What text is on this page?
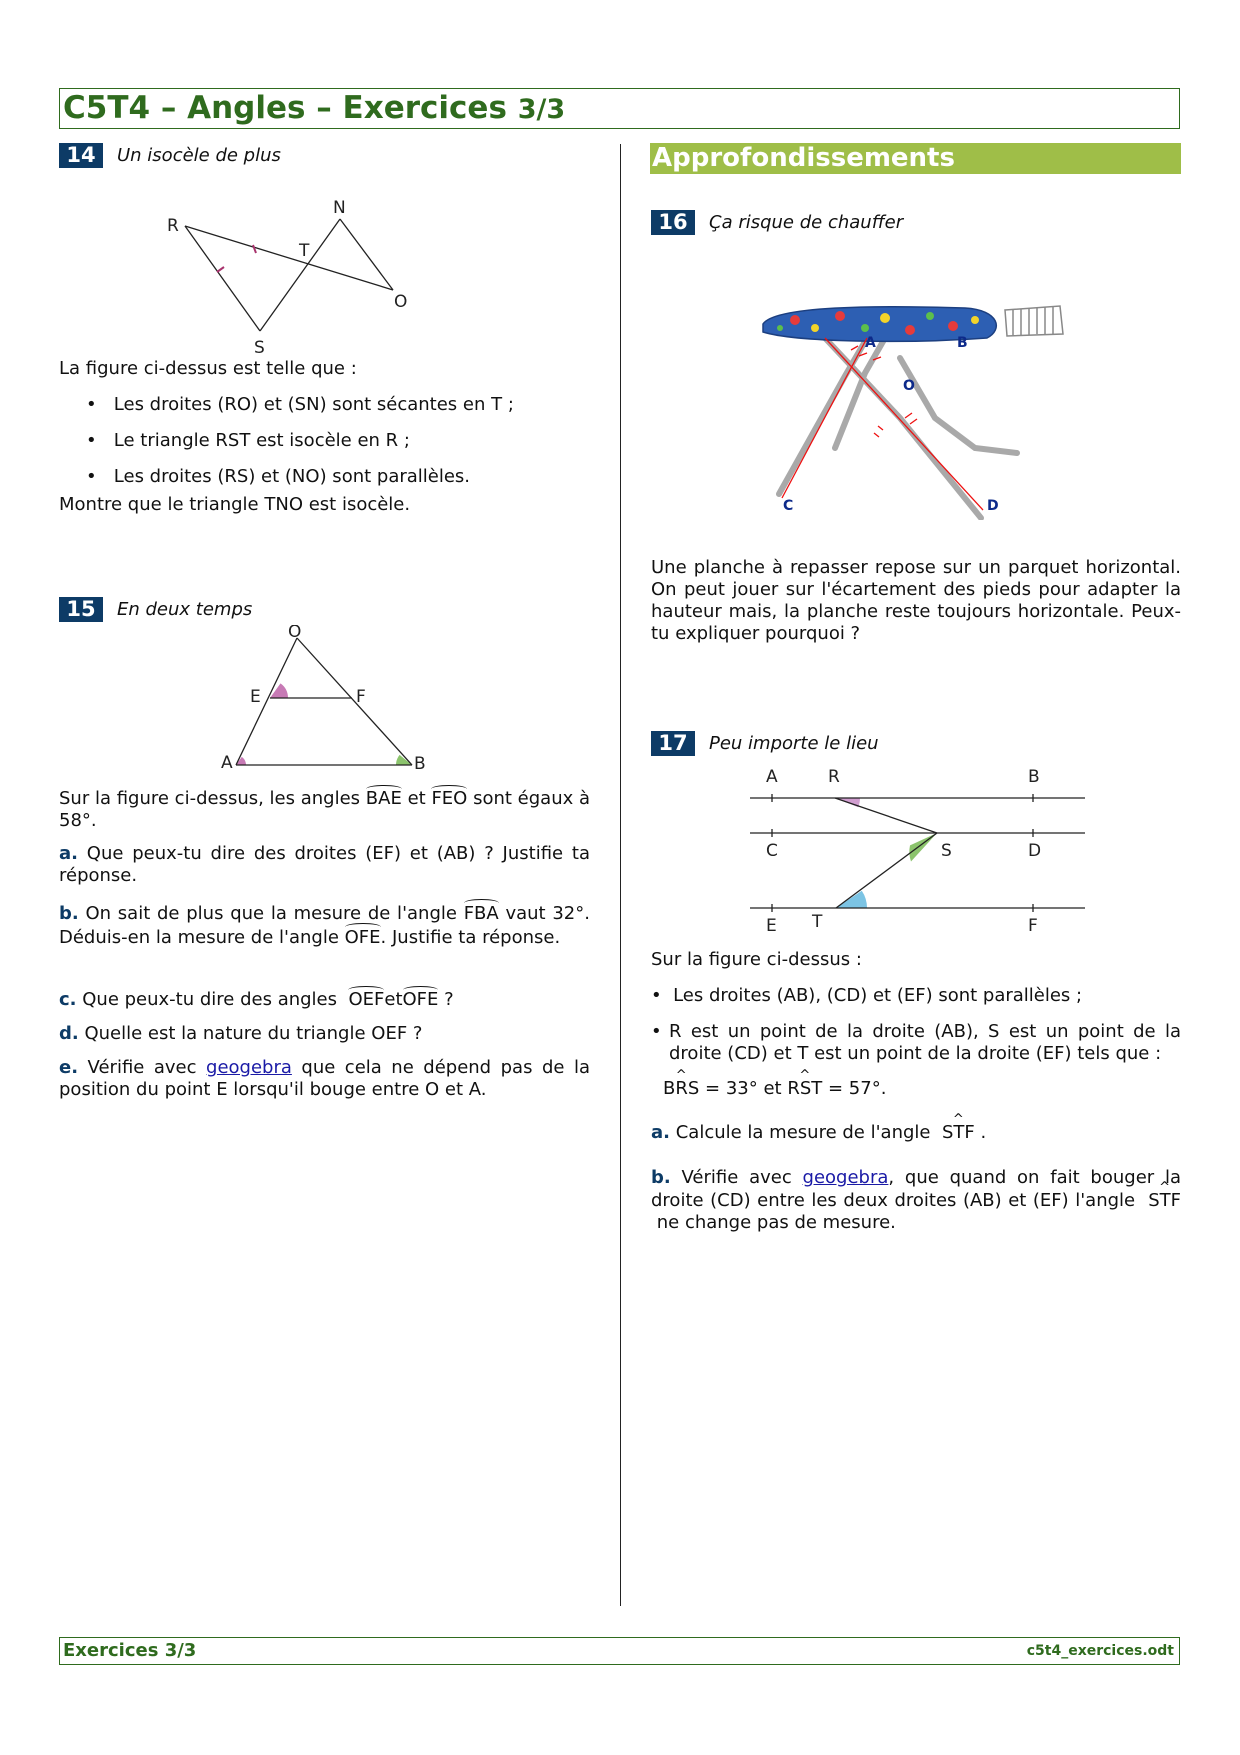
C5T4 – Angles – Exercices 3/3
14	Un isocèle de plus
R
N
T
O
S
La figure ci-dessus est telle que :
•   Les droites (RO) et (SN) sont sécantes en T ;
•   Le triangle RST est isocèle en R ;
•   Les droites (RS) et (NO) sont parallèles.
Montre que le triangle TNO est isocèle.
15	En deux temps
O
E	F
A	B
Sur la figure ci-dessus, les angles BAE et FEO sont égaux à 58°.
a. Que peux-tu dire des droites (EF) et (AB) ? Justifie ta réponse.
b. On sait de plus que la mesure de l'angle FBA vaut 32°. Déduis-en la mesure de l'angle OFE. Justifie ta réponse.
c. Que peux-tu dire des angles OEFetOFE ?
d. Quelle est la nature du triangle OEF ?
e. Vérifie avec geogebra que cela ne dépend pas de la position du point E lorsqu'il bouge entre O et A.
Approfondissements
16	Ça risque de chauffer
A	B
O
C	D
Une planche à repasser repose sur un parquet horizontal. On peut jouer sur l'écartement des pieds pour adapter la hauteur mais, la planche reste toujours horizontale. Peux-tu expliquer pourquoi ?
17	Peu importe le lieu
A	R	B
C	S	D
E T	F
Sur la figure ci-dessus :
•  Les droites (AB), (CD) et (EF) sont parallèles ;
• R est un point de la droite (AB), S est un point de la droite (CD) et T est un point de la droite (EF) tels que :
BRS ^ = 33° et RST ^ = 57°.
a. Calcule la mesure de l'angle STF ^ .
b. Vérifie avec geogebra, que quand on fait bouger la droite (CD) entre les deux droites (AB) et (EF) l'angle STF ^  ne change pas de mesure.
Exercices 3/3	c5t4_exercices.odt
